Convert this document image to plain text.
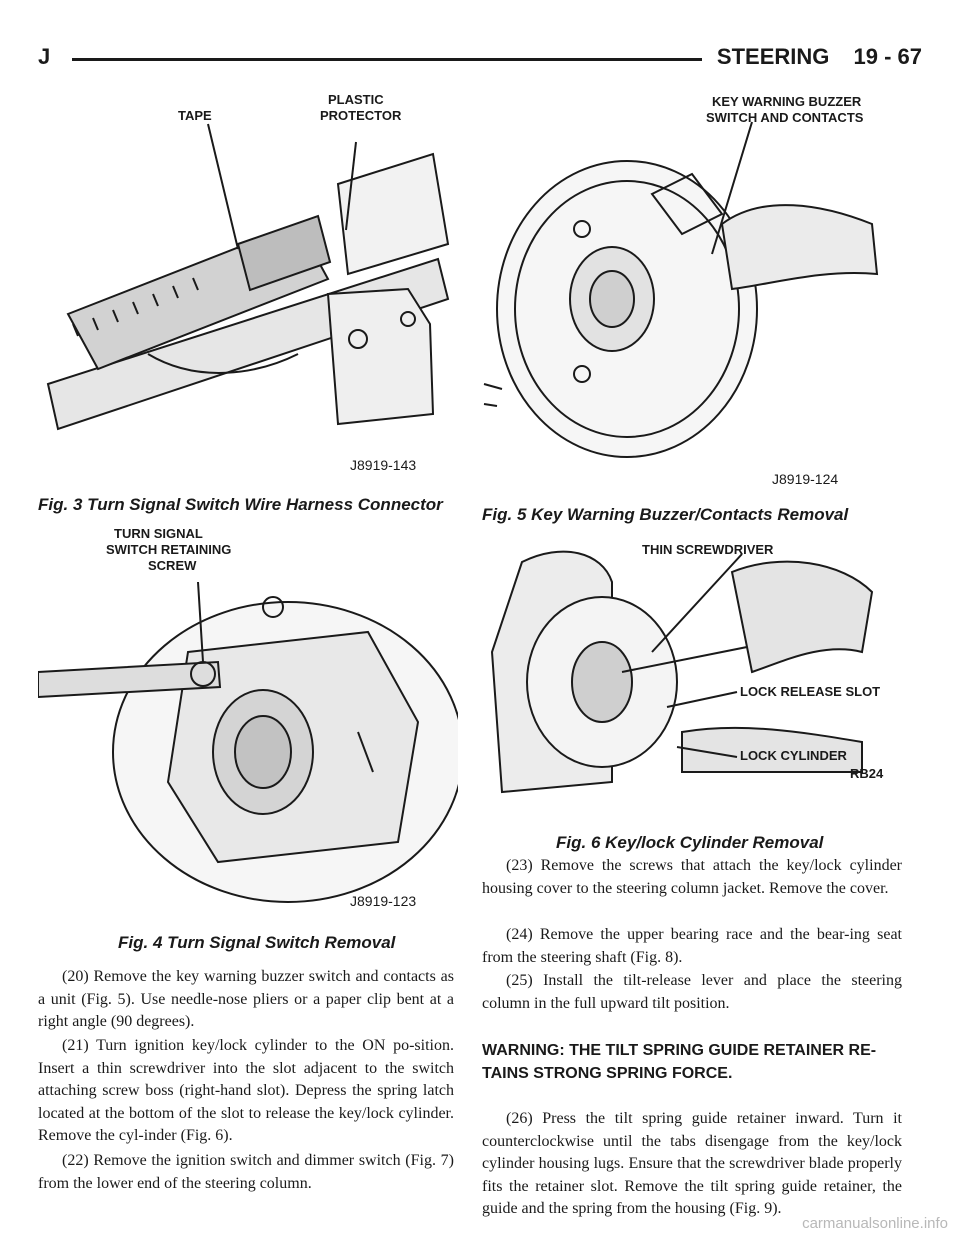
J	STEERING 19 - 67
TAPE
PLASTIC
PROTECTOR
J8919-143
Fig. 3 Turn Signal Switch Wire Harness Connector
KEY WARNING BUZZER
SWITCH AND CONTACTS
J8919-124
Fig. 5 Key Warning Buzzer/Contacts Removal
TURN SIGNAL
SWITCH RETAINING
SCREW
J8919-123
Fig. 4 Turn Signal Switch Removal
THIN SCREWDRIVER
LOCK RELEASE SLOT
LOCK CYLINDER
RB24
Fig. 6 Key/lock Cylinder Removal

(20) Remove the key warning buzzer switch and contacts as a unit (Fig. 5). Use needle-nose pliers or a paper clip bent at a right angle (90 degrees).

(21) Turn ignition key/lock cylinder to the ON po-sition. Insert a thin screwdriver into the slot adjacent to the switch attaching screw boss (right-hand slot). Depress the spring latch located at the bottom of the slot to release the key/lock cylinder. Remove the cyl-inder (Fig. 6).

(22) Remove the ignition switch and dimmer switch (Fig. 7) from the lower end of the steering column.

(23) Remove the screws that attach the key/lock cylinder housing cover to the steering column jacket. Remove the cover.

(24) Remove the upper bearing race and the bear-ing seat from the steering shaft (Fig. 8).

(25) Install the tilt-release lever and place the steering column in the full upward tilt position.

WARNING: THE TILT SPRING GUIDE RETAINER RE-TAINS STRONG SPRING FORCE.

(26) Press the tilt spring guide retainer inward. Turn it counterclockwise until the tabs disengage from the key/lock cylinder housing lugs. Ensure that the screwdriver blade properly fits the retainer slot. Remove the tilt spring guide retainer, the guide and the spring from the housing (Fig. 9).

carmanualsonline.info
